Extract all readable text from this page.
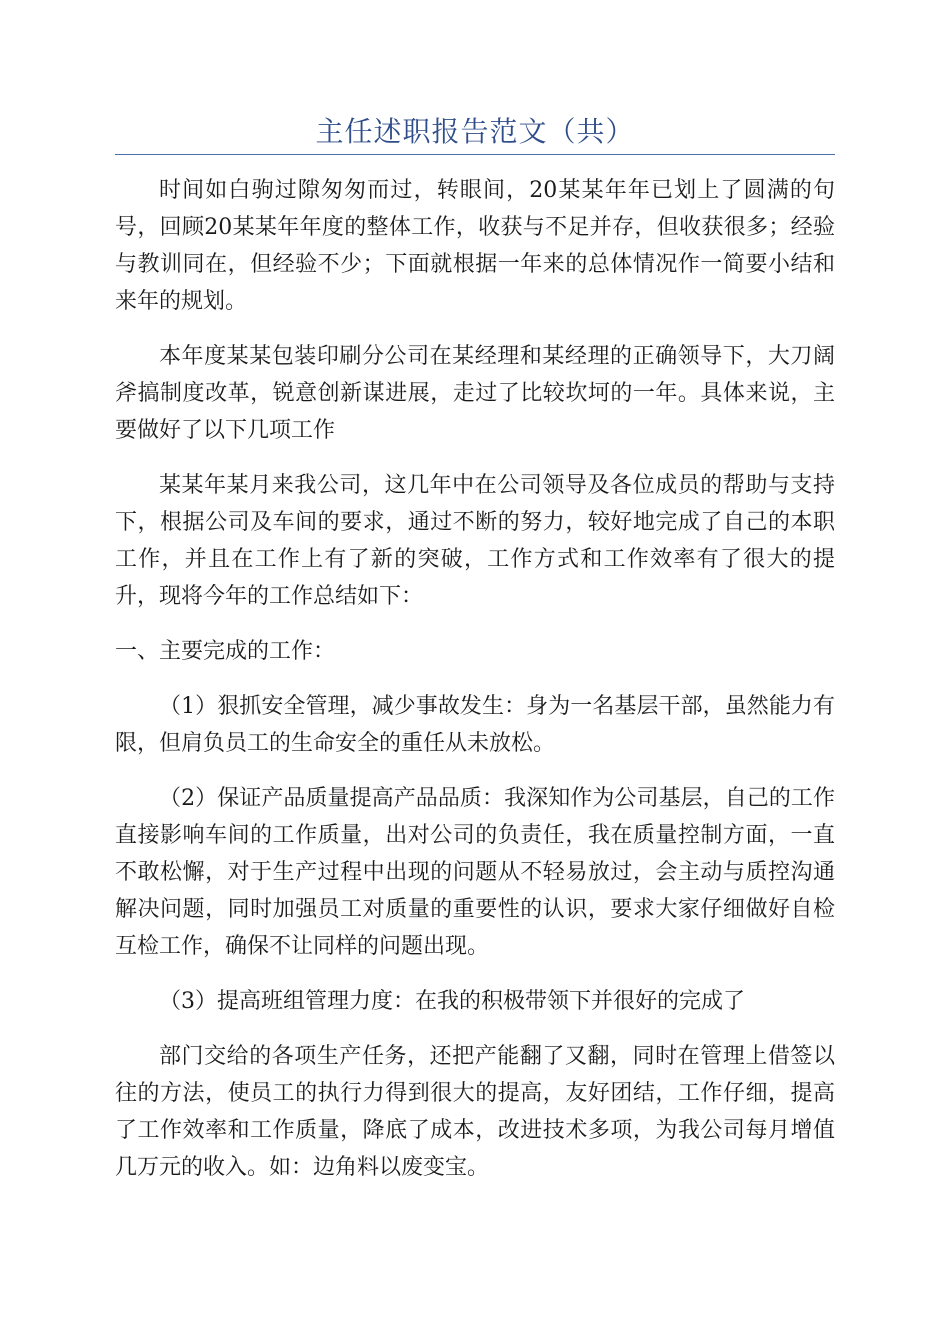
主任述职报告范文（共）

时间如白驹过隙匆匆而过，转眼间，20某某年年已划上了圆满的句号，回顾20某某年年度的整体工作，收获与不足并存，但收获很多；经验与教训同在，但经验不少；下面就根据一年来的总体情况作一简要小结和来年的规划。

本年度某某包装印刷分公司在某经理和某经理的正确领导下，大刀阔斧搞制度改革，锐意创新谋进展，走过了比较坎坷的一年。具体来说，主要做好了以下几项工作

某某年某月来我公司，这几年中在公司领导及各位成员的帮助与支持下，根据公司及车间的要求，通过不断的努力，较好地完成了自己的本职工作，并且在工作上有了新的突破，工作方式和工作效率有了很大的提升，现将今年的工作总结如下：

一、主要完成的工作：

（1）狠抓安全管理，减少事故发生：身为一名基层干部，虽然能力有限，但肩负员工的生命安全的重任从未放松。

（2）保证产品质量提高产品品质：我深知作为公司基层，自己的工作直接影响车间的工作质量，出对公司的负责任，我在质量控制方面，一直不敢松懈，对于生产过程中出现的问题从不轻易放过，会主动与质控沟通解决问题，同时加强员工对质量的重要性的认识，要求大家仔细做好自检互检工作，确保不让同样的问题出现。

（3）提高班组管理力度：在我的积极带领下并很好的完成了

部门交给的各项生产任务，还把产能翻了又翻，同时在管理上借签以往的方法，使员工的执行力得到很大的提高，友好团结，工作仔细，提高了工作效率和工作质量，降底了成本，改进技术多项，为我公司每月增值几万元的收入。如：边角料以废变宝。
